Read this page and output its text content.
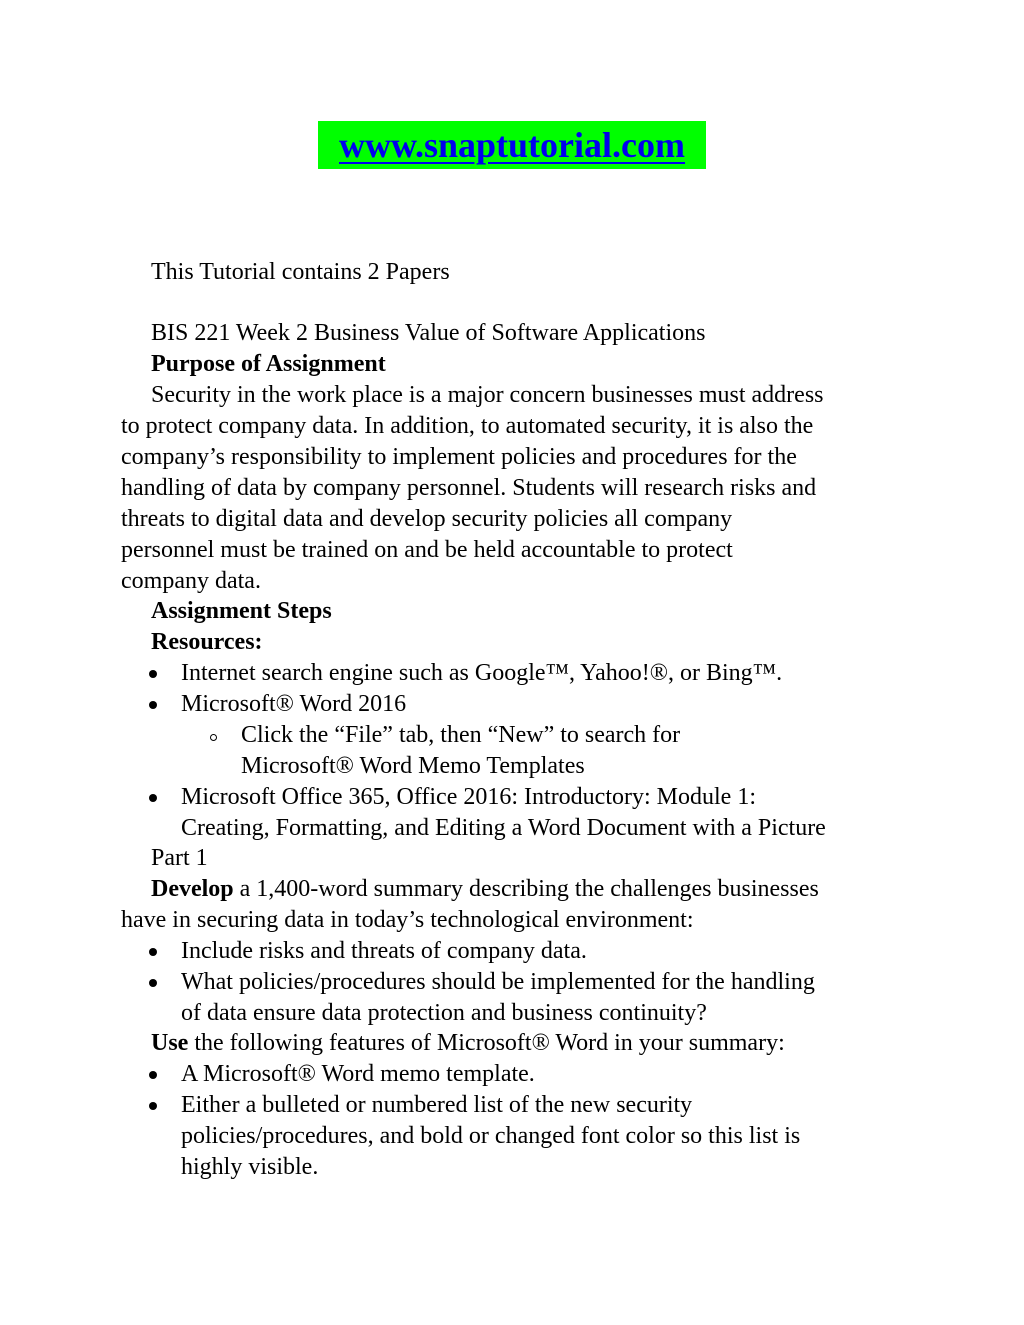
www.snaptutorial.com
This Tutorial contains 2 Papers
BIS 221 Week 2 Business Value of Software Applications
Purpose of Assignment
Security in the work place is a major concern businesses must address
to protect company data. In addition, to automated security, it is also the
company’s responsibility to implement policies and procedures for the
handling of data by company personnel. Students will research risks and
threats to digital data and develop security policies all company
personnel must be trained on and be held accountable to protect
company data.
Assignment Steps
Resources:
Internet search engine such as Google™, Yahoo!®, or Bing™.
Microsoft® Word 2016
Click the “File” tab, then “New” to search for
Microsoft® Word Memo Templates
Microsoft Office 365, Office 2016: Introductory: Module 1:
Creating, Formatting, and Editing a Word Document with a Picture
Part 1
Develop a 1,400-word summary describing the challenges businesses
have in securing data in today’s technological environment:
Include risks and threats of company data.
What policies/procedures should be implemented for the handling
of data ensure data protection and business continuity?
Use the following features of Microsoft® Word in your summary:
A Microsoft® Word memo template.
Either a bulleted or numbered list of the new security
policies/procedures, and bold or changed font color so this list is
highly visible.
